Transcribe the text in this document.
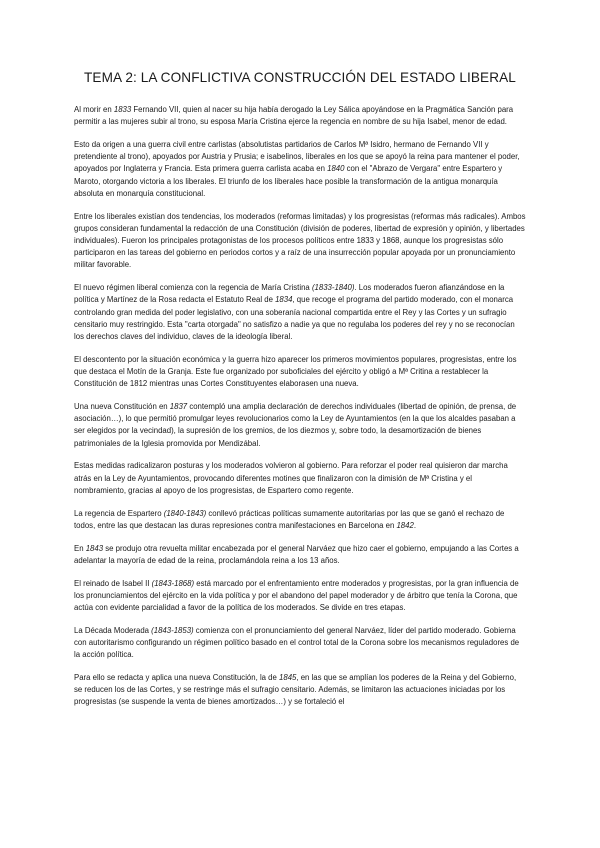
TEMA 2: LA CONFLICTIVA CONSTRUCCIÓN DEL ESTADO LIBERAL

Al morir en 1833 Fernando VII, quien al nacer su hija había derogado la Ley Sálica apoyándose en la Pragmática Sanción para permitir a las mujeres subir al trono, su esposa María Cristina ejerce la regencia en nombre de su hija Isabel, menor de edad.

Esto da origen a una guerra civil entre carlistas (absolutistas partidarios de Carlos Mª Isidro, hermano de Fernando VII y pretendiente al trono), apoyados por Austria y Prusia; e isabelinos, liberales en los que se apoyó la reina para mantener el poder, apoyados por Inglaterra y Francia. Esta primera guerra carlista acaba en 1840 con el "Abrazo de Vergara" entre Espartero y Maroto, otorgando victoria a los liberales. El triunfo de los liberales hace posible la transformación de la antigua monarquía absoluta en monarquía constitucional.

Entre los liberales existían dos tendencias, los moderados (reformas limitadas) y los progresistas (reformas más radicales). Ambos grupos consideran fundamental la redacción de una Constitución (división de poderes, libertad de expresión y opinión, y libertades individuales). Fueron los principales protagonistas de los procesos políticos entre 1833 y 1868, aunque los progresistas sólo participaron en las tareas del gobierno en periodos cortos y a raíz de una insurrección popular apoyada por un pronunciamiento militar favorable.

El nuevo régimen liberal comienza con la regencia de María Cristina (1833-1840). Los moderados fueron afianzándose en la política y Martínez de la Rosa redacta el Estatuto Real de 1834, que recoge el programa del partido moderado, con el monarca controlando gran medida del poder legislativo, con una soberanía nacional compartida entre el Rey y las Cortes y un sufragio censitario muy restringido. Esta "carta otorgada" no satisfizo a nadie ya que no regulaba los poderes del rey y no se reconocían los derechos claves del individuo, claves de la ideología liberal.

El descontento por la situación económica y la guerra hizo aparecer los primeros movimientos populares, progresistas, entre los que destaca el Motín de la Granja. Este fue organizado por suboficiales del ejército y obligó a Mª Critina a restablecer la Constitución de 1812 mientras unas Cortes Constituyentes elaborasen una nueva.

Una nueva Constitución en 1837 contempló una amplia declaración de derechos individuales (libertad de opinión, de prensa, de asociación…), lo que permitió promulgar leyes revolucionarios como la Ley de Ayuntamientos (en la que los alcaldes pasaban a ser elegidos por la vecindad), la supresión de los gremios, de los diezmos y, sobre todo, la desamortización de bienes patrimoniales de la Iglesia promovida por Mendizábal.

Estas medidas radicalizaron posturas y los moderados volvieron al gobierno. Para reforzar el poder real quisieron dar marcha atrás en la Ley de Ayuntamientos, provocando diferentes motines que finalizaron con la dimisión de Mª Cristina y el nombramiento, gracias al apoyo de los progresistas, de Espartero como regente.

La regencia de Espartero (1840-1843) conllevó prácticas políticas sumamente autoritarias por las que se ganó el rechazo de todos, entre las que destacan las duras represiones contra manifestaciones en Barcelona en 1842.

En 1843 se produjo otra revuelta militar encabezada por el general Narváez que hizo caer el gobierno, empujando a las Cortes a adelantar la mayoría de edad de la reina, proclamándola reina a los 13 años.

El reinado de Isabel II (1843-1868) está marcado por el enfrentamiento entre moderados y progresistas, por la gran influencia de los pronunciamientos del ejército en la vida política y por el abandono del papel moderador y de árbitro que tenía la Corona, que actúa con evidente parcialidad a favor de la política de los moderados. Se divide en tres etapas.

La Década Moderada (1843-1853) comienza con el pronunciamiento del general Narváez, líder del partido moderado. Gobierna con autoritarismo configurando un régimen político basado en el control total de la Corona sobre los mecanismos reguladores de la acción política.

Para ello se redacta y aplica una nueva Constitución, la de 1845, en las que se amplían los poderes de la Reina y del Gobierno, se reducen los de las Cortes, y se restringe más el sufragio censitario. Además, se limitaron las actuaciones iniciadas por los progresistas (se suspende la venta de bienes amortizados…) y se fortaleció el
